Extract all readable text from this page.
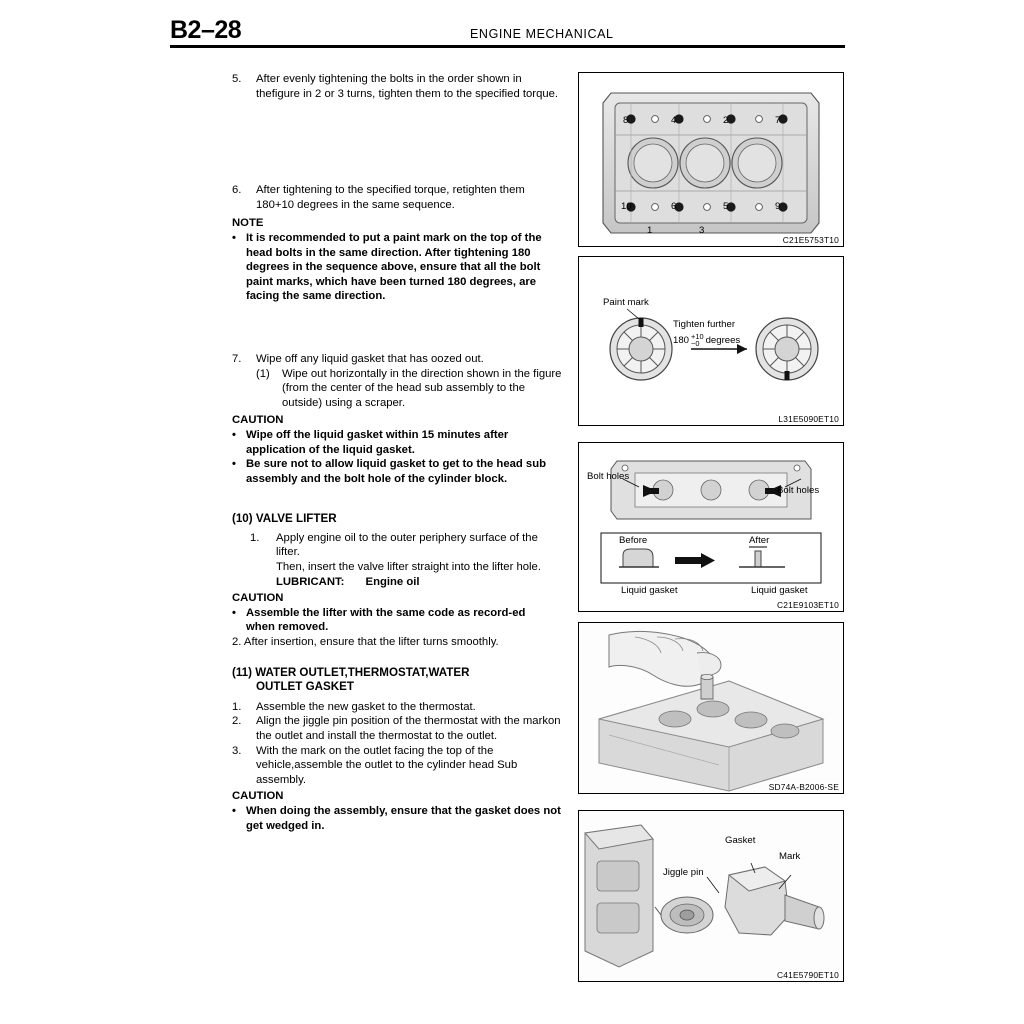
B2–28	ENGINE MECHANICAL
5.	After evenly tightening the bolts in the order shown in thefigure in 2 or 3 turns, tighten them to the specified torque.
6.	After tightening to the specified torque, retighten them 180+10 degrees in the same sequence.
NOTE
• It is recommended to put a paint mark on the top of the head bolts in the same direction. After tightening 180 degrees in the sequence above, ensure that all the bolt paint marks, which have been turned 180 degrees, are facing the same direction.
7.	Wipe off any liquid gasket that has oozed out.
(1)	Wipe out horizontally in the direction shown in the figure (from the center of the head sub assembly to the outside) using a scraper.
CAUTION
• Wipe off the liquid gasket within 15 minutes after application of the liquid gasket.
• Be sure not to allow liquid gasket to get to the head sub assembly and the bolt hole of the cylinder block.
(10) VALVE LIFTER
1.	Apply engine oil to the outer periphery surface of the lifter.
Then, insert the valve lifter straight into the lifter hole.
LUBRICANT: Engine oil
CAUTION
• Assemble the lifter with the same code as record-ed
when removed.
2. After insertion, ensure that the lifter turns smoothly.
(11) WATER OUTLET,THERMOSTAT,WATER
OUTLET GASKET
1.	Assemble the new gasket to the thermostat.
2.	Align the jiggle pin position of the thermostat with the markon the outlet and install the thermostat to the outlet.
3.	With the mark on the outlet facing the top of the vehicle,assemble the outlet to the cylinder head Sub assembly.
CAUTION
• When doing the assembly, ensure that the gasket does not get wedged in.
8	4	2	7
10	6	5	9
1	3
C21E5753T10
Paint mark
Tighten further
180 +10
−0 degrees
L31E5090ET10
Bolt holes
Bolt holes
Before	After
Liquid gasket	Liquid gasket
C21E9103ET10
SD74A-B2006-SE
Gasket
Jiggle pin
Mark
C41E5790ET10
